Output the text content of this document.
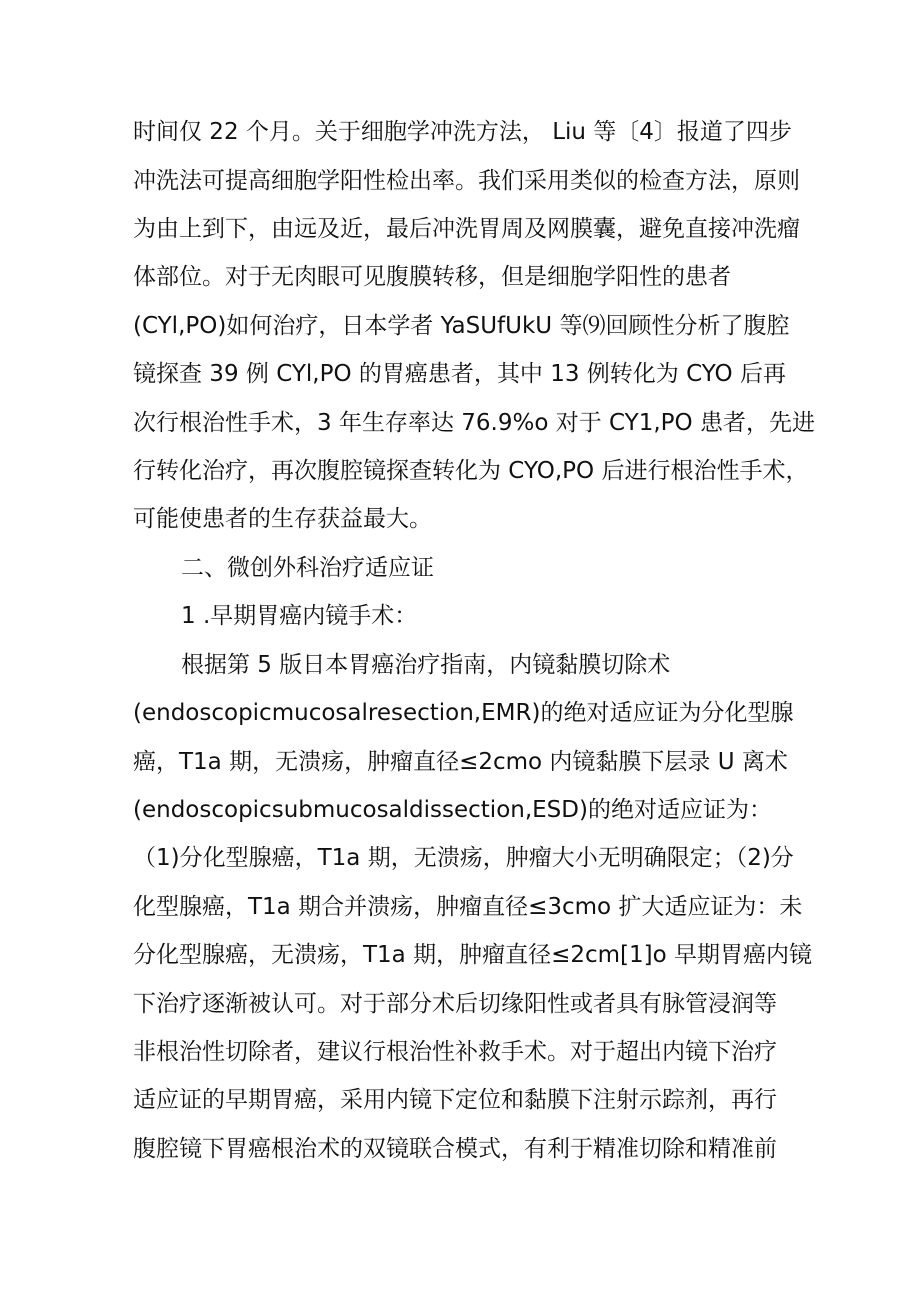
时间仅 22 个月。关于细胞学冲洗方法， Liu 等〔4〕报道了四步
冲洗法可提高细胞学阳性检出率。我们采用类似的检查方法，原则
为由上到下，由远及近，最后冲洗胃周及网膜囊，避免直接冲洗瘤
体部位。对于无肉眼可见腹膜转移，但是细胞学阳性的患者
(CYl,PO)如何治疗，日本学者 YaSUfUkU 等⑼回顾性分析了腹腔
镜探查 39 例 CYl,PO 的胃癌患者，其中 13 例转化为 CYO 后再
次行根治性手术，3 年生存率达 76.9%o 对于 CY1,PO 患者，先进
行转化治疗，再次腹腔镜探查转化为 CYO,PO 后进行根治性手术，
可能使患者的生存获益最大。
二、微创外科治疗适应证
1 .早期胃癌内镜手术：
根据第 5 版日本胃癌治疗指南，内镜黏膜切除术
(endoscopicmucosalresection,EMR)的绝对适应证为分化型腺
癌，T1a 期，无溃疡，肿瘤直径≤2cmo 内镜黏膜下层录 U 离术
(endoscopicsubmucosaldissection,ESD)的绝对适应证为：
（1)分化型腺癌，T1a 期，无溃疡，肿瘤大小无明确限定；（2)分
化型腺癌，T1a 期合并溃疡，肿瘤直径≤3cmo 扩大适应证为：未
分化型腺癌，无溃疡，T1a 期，肿瘤直径≤2cm[1]o 早期胃癌内镜
下治疗逐渐被认可。对于部分术后切缘阳性或者具有脉管浸润等
非根治性切除者，建议行根治性补救手术。对于超出内镜下治疗
适应证的早期胃癌，采用内镜下定位和黏膜下注射示踪剂，再行
腹腔镜下胃癌根治术的双镜联合模式，有利于精准切除和精准前
